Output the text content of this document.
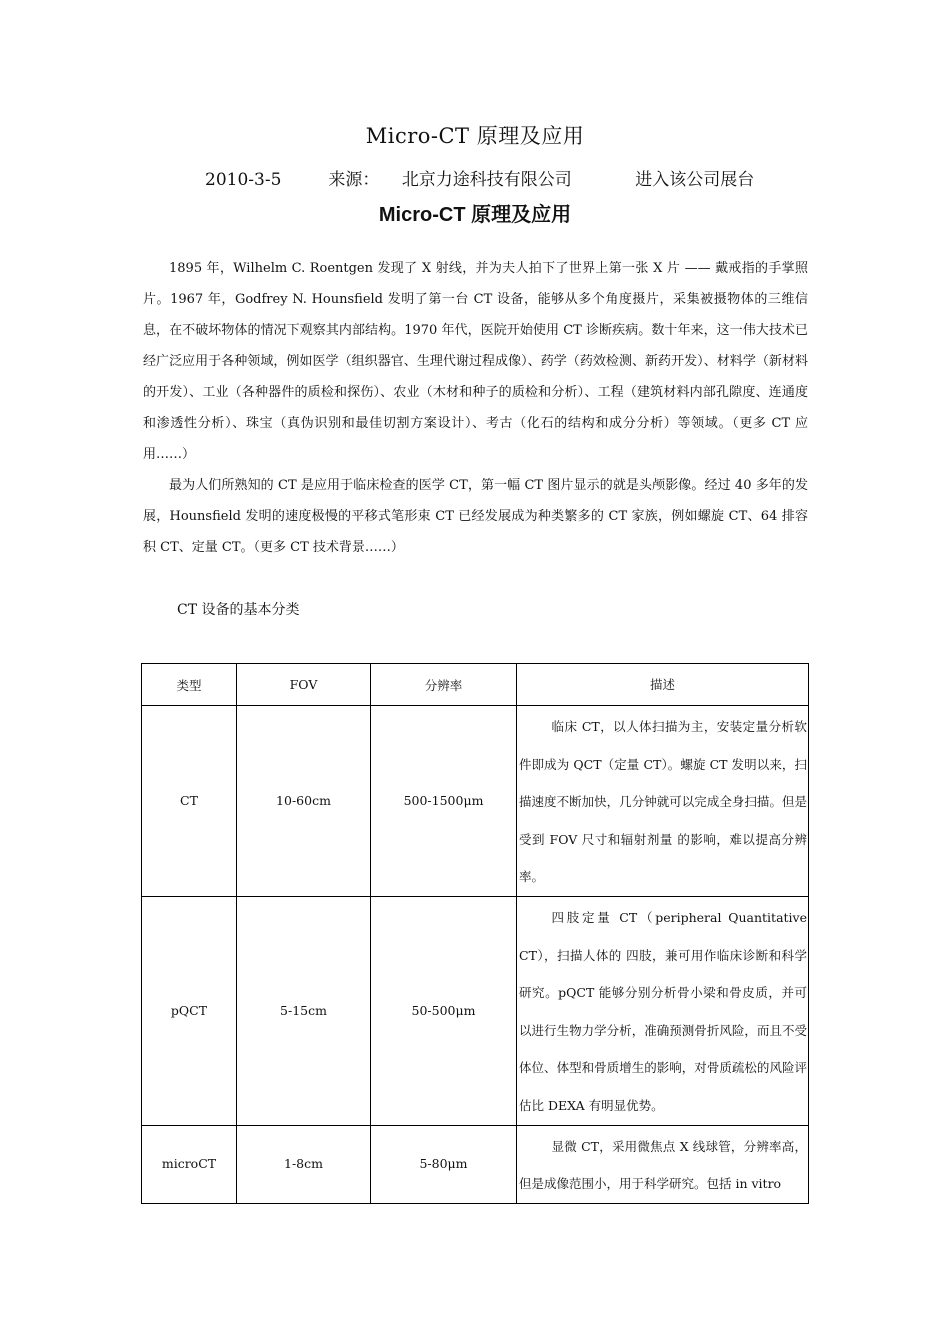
Micro-CT 原理及应用
2010-3-5	来源： 北京力途科技有限公司	进入该公司展台
Micro-CT 原理及应用

1895 年，Wilhelm C. Roentgen 发现了 X 射线，并为夫人拍下了世界上第一张 X 片 —— 戴戒指的手掌照片。1967 年，Godfrey N. Hounsfield 发明了第一台 CT 设备，能够从多个角度摄片，采集被摄物体的三维信息，在不破坏物体的情况下观察其内部结构。1970 年代，医院开始使用 CT 诊断疾病。数十年来，这一伟大技术已经广泛应用于各种领域，例如医学（组织器官、生理代谢过程成像）、药学（药效检测、新药开发）、材料学（新材料的开发）、工业（各种器件的质检和探伤）、农业（木材和种子的质检和分析）、工程（建筑材料内部孔隙度、连通度和渗透性分析）、珠宝（真伪识别和最佳切割方案设计）、考古（化石的结构和成分分析）等领域。（更多 CT 应用……）

最为人们所熟知的 CT 是应用于临床检查的医学 CT，第一幅 CT 图片显示的就是头颅影像。经过 40 多年的发展，Hounsfield 发明的速度极慢的平移式笔形束 CT 已经发展成为种类繁多的 CT 家族，例如螺旋 CT、64 排容积 CT、定量 CT。（更多 CT 技术背景……）

CT 设备的基本分类
类型	FOV	分辨率	描述
CT	10-60cm	500-1500μm	临床 CT，以人体扫描为主，安装定量分析软件即成为 QCT（定量 CT）。螺旋 CT 发明以来，扫描速度不断加快，几分钟就可以完成全身扫描。但是受到 FOV 尺寸和辐射剂量 的影响，难以提高分辨率。

pQCT	5-15cm	50-500μm	四肢定量 CT（peripheral Quantitative CT），扫描人体的 四肢，兼可用作临床诊断和科学研究。pQCT 能够分别分析骨小梁和骨皮质，并可以进行生物力学分析，准确预测骨折风险，而且不受体位、体型和骨质增生的影响，对骨质疏松的风险评估比 DEXA 有明显优势。

microCT	1-8cm	5-80μm	显微 CT，采用微焦点 X 线球管，分辨率高，但是成像范围小，用于科学研究。包括 in vitro
